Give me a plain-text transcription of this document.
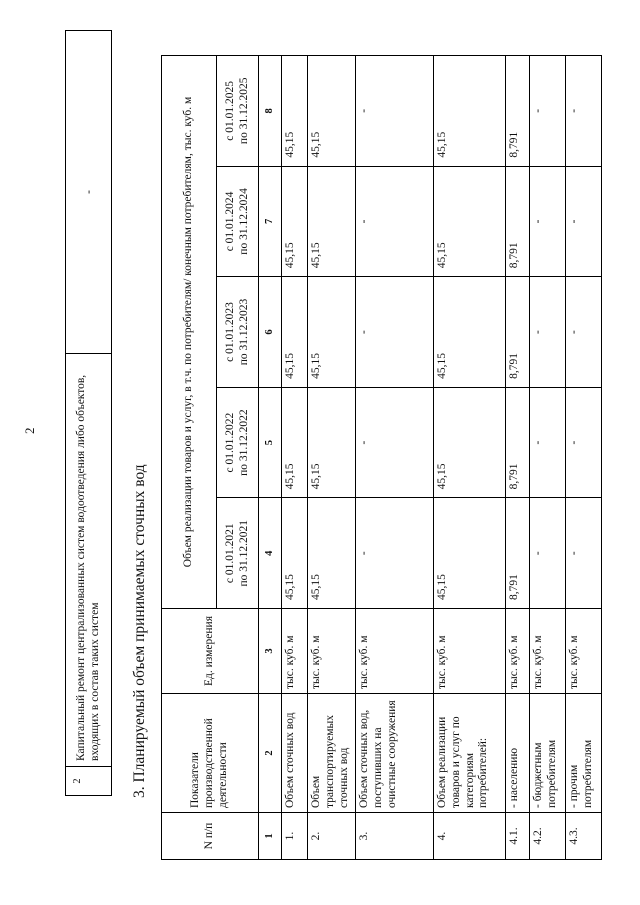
2
2	Капитальный ремонт централизованных систем водоотведения либо объектов, входящих в состав таких систем	-
3. Планируемый объем принимаемых сточных вод
N п/п	Показатели производственной деятельности	Ед. измерения	Объем реализации товаров и услуг, в т.ч. по потребителям/ конечным потребителям, тыс. куб. м				
			с 01.01.2021 по 31.12.2021	с 01.01.2022 по 31.12.2022	с 01.01.2023 по 31.12.2023	с 01.01.2024 по 31.12.2024	с 01.01.2025 по 31.12.2025
1	2	3	4	5	6	7	8
1.	Объем сточных вод	тыс. куб. м	45,15	45,15	45,15	45,15	45,15
2.	Объем транспортируемых сточных вод	тыс. куб. м	45,15	45,15	45,15	45,15	45,15
3.	Объем сточных вод, поступивших на очистные сооружения	тыс. куб. м	-	-	-	-	-
4.	Объем реализации товаров и услуг по категориям потребителей:	тыс. куб. м	45,15	45,15	45,15	45,15	45,15
4.1.	- населению	тыс. куб. м	8,791	8,791	8,791	8,791	8,791
4.2.	- бюджетным потребителям	тыс. куб. м	-	-	-	-	-
4.3.	- прочим потребителям	тыс. куб. м	-	-	-	-	-
